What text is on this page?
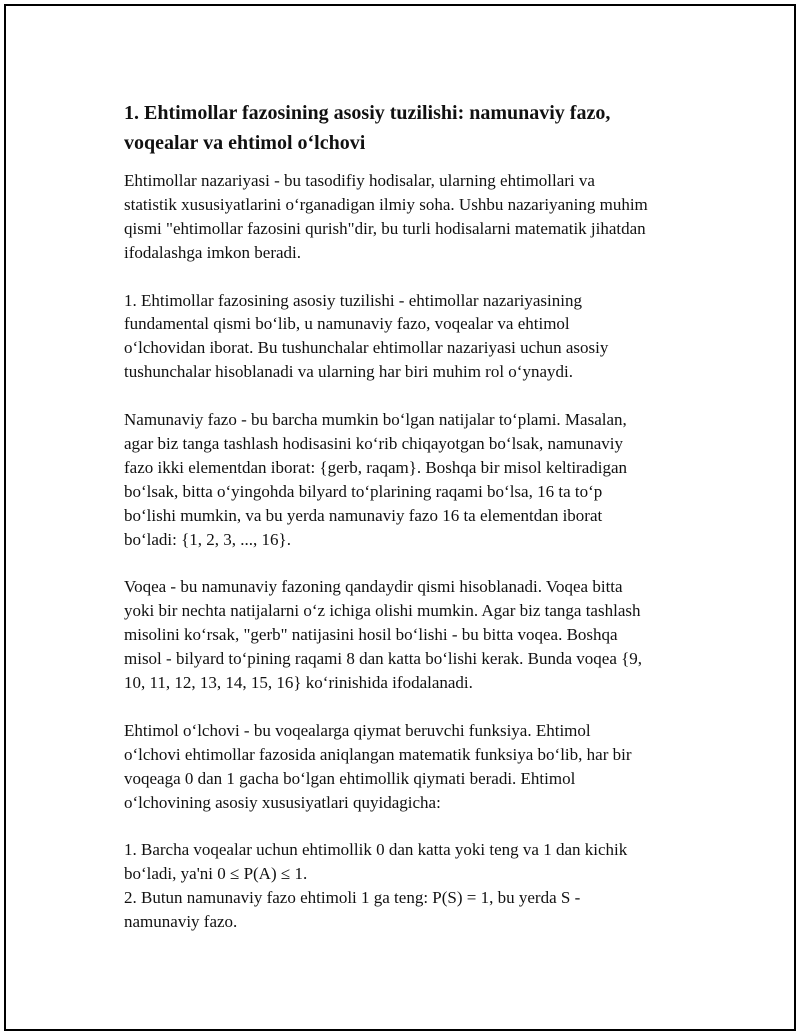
1. Ehtimollar fazosining asosiy tuzilishi: namunaviy fazo,
voqealar va ehtimol o‘lchovi
Ehtimollar nazariyasi - bu tasodifiy hodisalar, ularning ehtimollari va
statistik xususiyatlarini o‘rganadigan ilmiy soha. Ushbu nazariyaning muhim
qismi "ehtimollar fazosini qurish"dir, bu turli hodisalarni matematik jihatdan
ifodalashga imkon beradi.
1. Ehtimollar fazosining asosiy tuzilishi - ehtimollar nazariyasining
fundamental qismi bo‘lib, u namunaviy fazo, voqealar va ehtimol
o‘lchovidan iborat. Bu tushunchalar ehtimollar nazariyasi uchun asosiy
tushunchalar hisoblanadi va ularning har biri muhim rol o‘ynaydi.
Namunaviy fazo - bu barcha mumkin bo‘lgan natijalar to‘plami. Masalan,
agar biz tanga tashlash hodisasini ko‘rib chiqayotgan bo‘lsak, namunaviy
fazo ikki elementdan iborat: {gerb, raqam}. Boshqa bir misol keltiradigan
bo‘lsak, bitta o‘yingohda bilyard to‘plarining raqami bo‘lsa, 16 ta to‘p
bo‘lishi mumkin, va bu yerda namunaviy fazo 16 ta elementdan iborat
bo‘ladi: {1, 2, 3, ..., 16}.
Voqea - bu namunaviy fazoning qandaydir qismi hisoblanadi. Voqea bitta
yoki bir nechta natijalarni o‘z ichiga olishi mumkin. Agar biz tanga tashlash
misolini ko‘rsak, "gerb" natijasini hosil bo‘lishi - bu bitta voqea. Boshqa
misol - bilyard to‘pining raqami 8 dan katta bo‘lishi kerak. Bunda voqea {9,
10, 11, 12, 13, 14, 15, 16} ko‘rinishida ifodalanadi.
Ehtimol o‘lchovi - bu voqealarga qiymat beruvchi funksiya. Ehtimol
o‘lchovi ehtimollar fazosida aniqlangan matematik funksiya bo‘lib, har bir
voqeaga 0 dan 1 gacha bo‘lgan ehtimollik qiymati beradi. Ehtimol
o‘lchovining asosiy xususiyatlari quyidagicha:
1. Barcha voqealar uchun ehtimollik 0 dan katta yoki teng va 1 dan kichik
bo‘ladi, ya'ni 0 ≤ P(A) ≤ 1.
2. Butun namunaviy fazo ehtimoli 1 ga teng: P(S) = 1, bu yerda S -
namunaviy fazo.
